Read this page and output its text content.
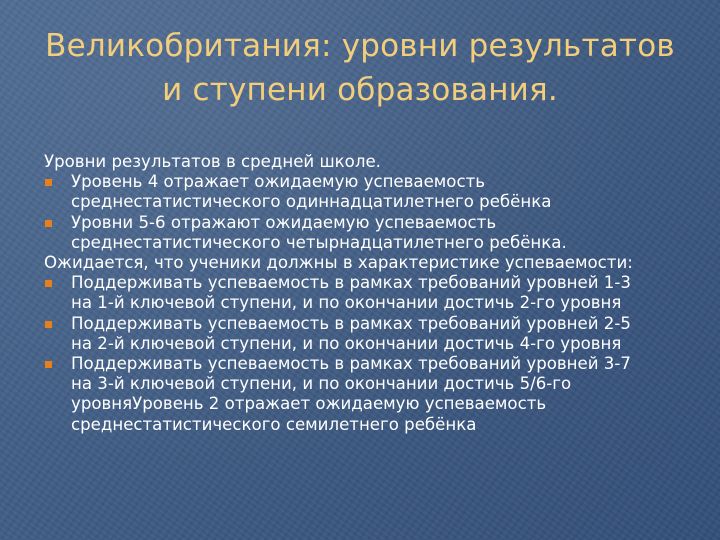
Великобритания: уровни результатов
и ступени образования.
Уровни результатов в средней школе.
Уровень 4 отражает ожидаемую успеваемость
среднестатистического одиннадцатилетнего ребёнка
Уровни 5-6 отражают ожидаемую успеваемость
среднестатистического четырнадцатилетнего ребёнка.
Ожидается, что ученики должны в характеристике успеваемости:
Поддерживать успеваемость в рамках требований уровней 1-3
на 1-й ключевой ступени, и по окончании достичь 2-го уровня
Поддерживать успеваемость в рамках требований уровней 2-5
на 2-й ключевой ступени, и по окончании достичь 4-го уровня
Поддерживать успеваемость в рамках требований уровней 3-7
на 3-й ключевой ступени, и по окончании достичь 5/6-го
уровняУровень 2 отражает ожидаемую успеваемость
среднестатистического семилетнего ребёнка
